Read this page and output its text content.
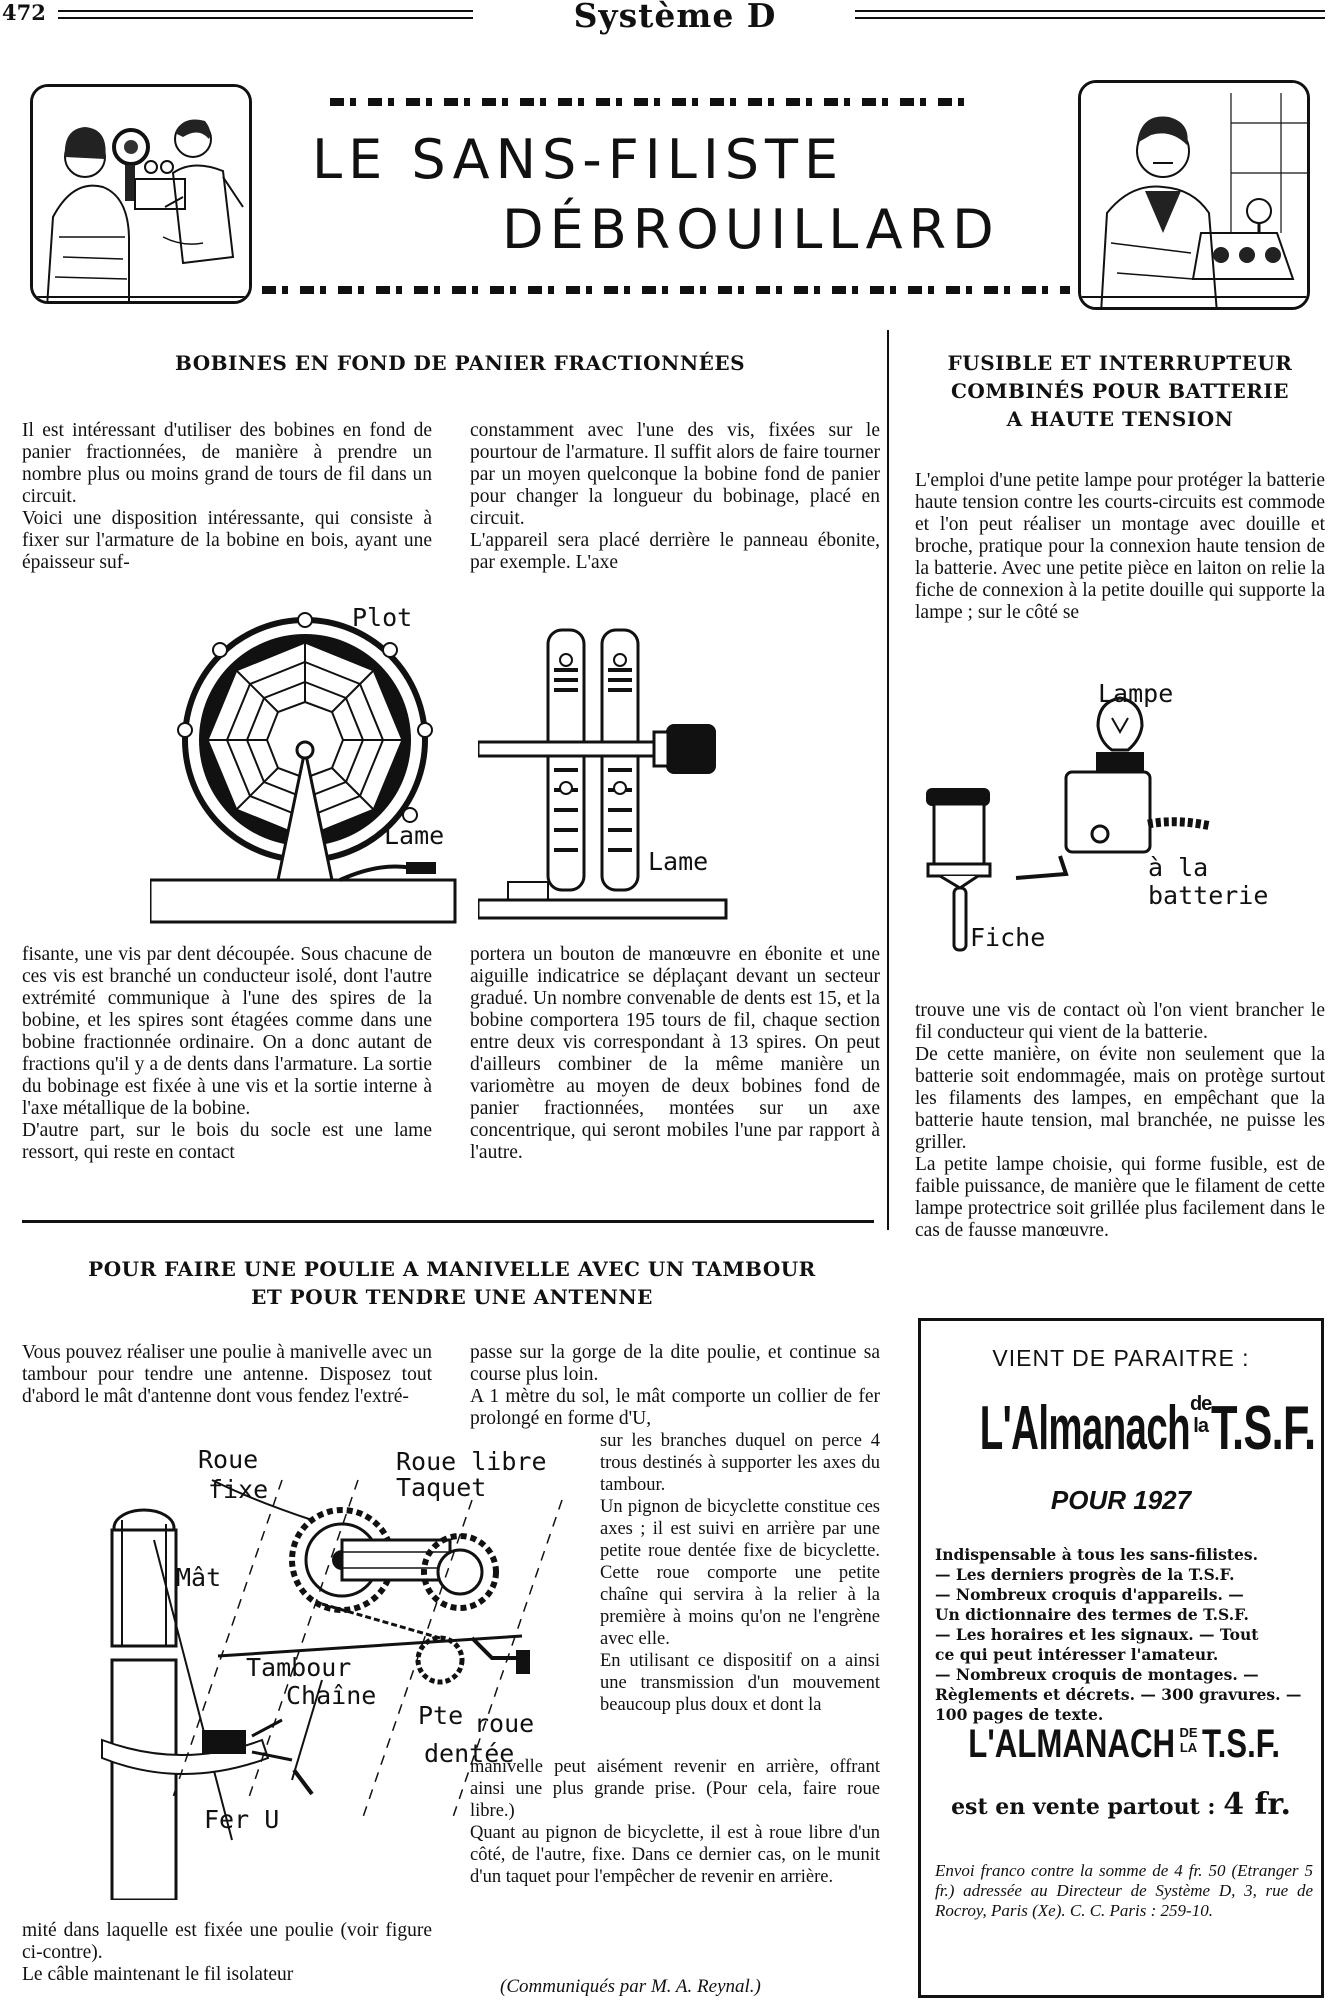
472	Système D
LE SANS-FILISTE
DÉBROUILLARD
BOBINES EN FOND DE PANIER FRACTIONNÉES
Il est intéressant d'utiliser des bobines en fond de panier fractionnées, de manière à prendre un nombre plus ou moins grand de tours de fil dans un circuit.
Voici une disposition intéressante, qui consiste à fixer sur l'armature de la bobine en bois, ayant une épaisseur suf-
constamment avec l'une des vis, fixées sur le pourtour de l'armature. Il suffit alors de faire tourner par un moyen quelconque la bobine fond de panier pour changer la longueur du bobinage, placé en circuit.
L'appareil sera placé derrière le panneau ébonite, par exemple. L'axe
Plot
Lame
Lame
fisante, une vis par dent découpée. Sous chacune de ces vis est branché un conducteur isolé, dont l'autre extrémité communique à l'une des spires de la bobine, et les spires sont étagées comme dans une bobine fractionnée ordinaire. On a donc autant de fractions qu'il y a de dents dans l'armature. La sortie du bobinage est fixée à une vis et la sortie interne à l'axe métallique de la bobine.
D'autre part, sur le bois du socle est une lame ressort, qui reste en contact
portera un bouton de manœuvre en ébonite et une aiguille indicatrice se déplaçant devant un secteur gradué. Un nombre convenable de dents est 15, et la bobine comportera 195 tours de fil, chaque section entre deux vis correspondant à 13 spires. On peut d'ailleurs combiner de la même manière un variomètre au moyen de deux bobines fond de panier fractionnées, montées sur un axe concentrique, qui seront mobiles l'une par rapport à l'autre.
FUSIBLE ET INTERRUPTEUR
COMBINÉS POUR BATTERIE
A HAUTE TENSION
L'emploi d'une petite lampe pour protéger la batterie haute tension contre les courts-circuits est commode et l'on peut réaliser un montage avec douille et broche, pratique pour la connexion haute tension de la batterie. Avec une petite pièce en laiton on relie la fiche de connexion à la petite douille qui supporte la lampe ; sur le côté se
Lampe
à la batterie
Fiche
trouve une vis de contact où l'on vient brancher le fil conducteur qui vient de la batterie.
De cette manière, on évite non seulement que la batterie soit endommagée, mais on protège surtout les filaments des lampes, en empêchant que la batterie haute tension, mal branchée, ne puisse les griller.
La petite lampe choisie, qui forme fusible, est de faible puissance, de manière que le filament de cette lampe protectrice soit grillée plus facilement dans le cas de fausse manœuvre.
POUR FAIRE UNE POULIE A MANIVELLE AVEC UN TAMBOUR
ET POUR TENDRE UNE ANTENNE
Vous pouvez réaliser une poulie à manivelle avec un tambour pour tendre une antenne. Disposez tout d'abord le mât d'antenne dont vous fendez l'extré-
passe sur la gorge de la dite poulie, et continue sa course plus loin.
A 1 mètre du sol, le mât comporte un collier de fer prolongé en forme d'U,
sur les branches duquel on perce 4 trous destinés à supporter les axes du tambour.
Un pignon de bicyclette constitue ces axes ; il est suivi en arrière par une petite roue dentée fixe de bicyclette. Cette roue comporte une petite chaîne qui servira à la relier à la première à moins qu'on ne l'engrène avec elle.
En utilisant ce dispositif on a ainsi une transmission d'un mouvement beaucoup plus doux et dont la
Roue
fixe
Roue libre
Taquet
Mât
Tambour
Chaîne
Pte roue
dentée
Fer U
manivelle peut aisément revenir en arrière, offrant ainsi une plus grande prise. (Pour cela, faire roue libre.)
Quant au pignon de bicyclette, il est à roue libre d'un côté, de l'autre, fixe. Dans ce dernier cas, on le munit d'un taquet pour l'empêcher de revenir en arrière.
mité dans laquelle est fixée une poulie (voir figure ci-contre).
Le câble maintenant le fil isolateur
(Communiqués par M. A. Reynal.)
VIENT DE PARAITRE :
L'Almanach de
la T.S.F.
POUR 1927
Indispensable à tous les sans-filistes.
— Les derniers progrès de la T.S.F.
— Nombreux croquis d'appareils. —
Un dictionnaire des termes de T.S.F.
— Les horaires et les signaux. — Tout
ce qui peut intéresser l'amateur.
— Nombreux croquis de montages. —
Règlements et décrets. — 300 gravures. — 100 pages de texte.
L'ALMANACH DE
LA T.S.F.
est en vente partout : 4 fr.
Envoi franco contre la somme de 4 fr. 50 (Etranger 5 fr.) adressée au Directeur de Système D, 3, rue de Rocroy, Paris (Xe). C. C. Paris : 259-10.
